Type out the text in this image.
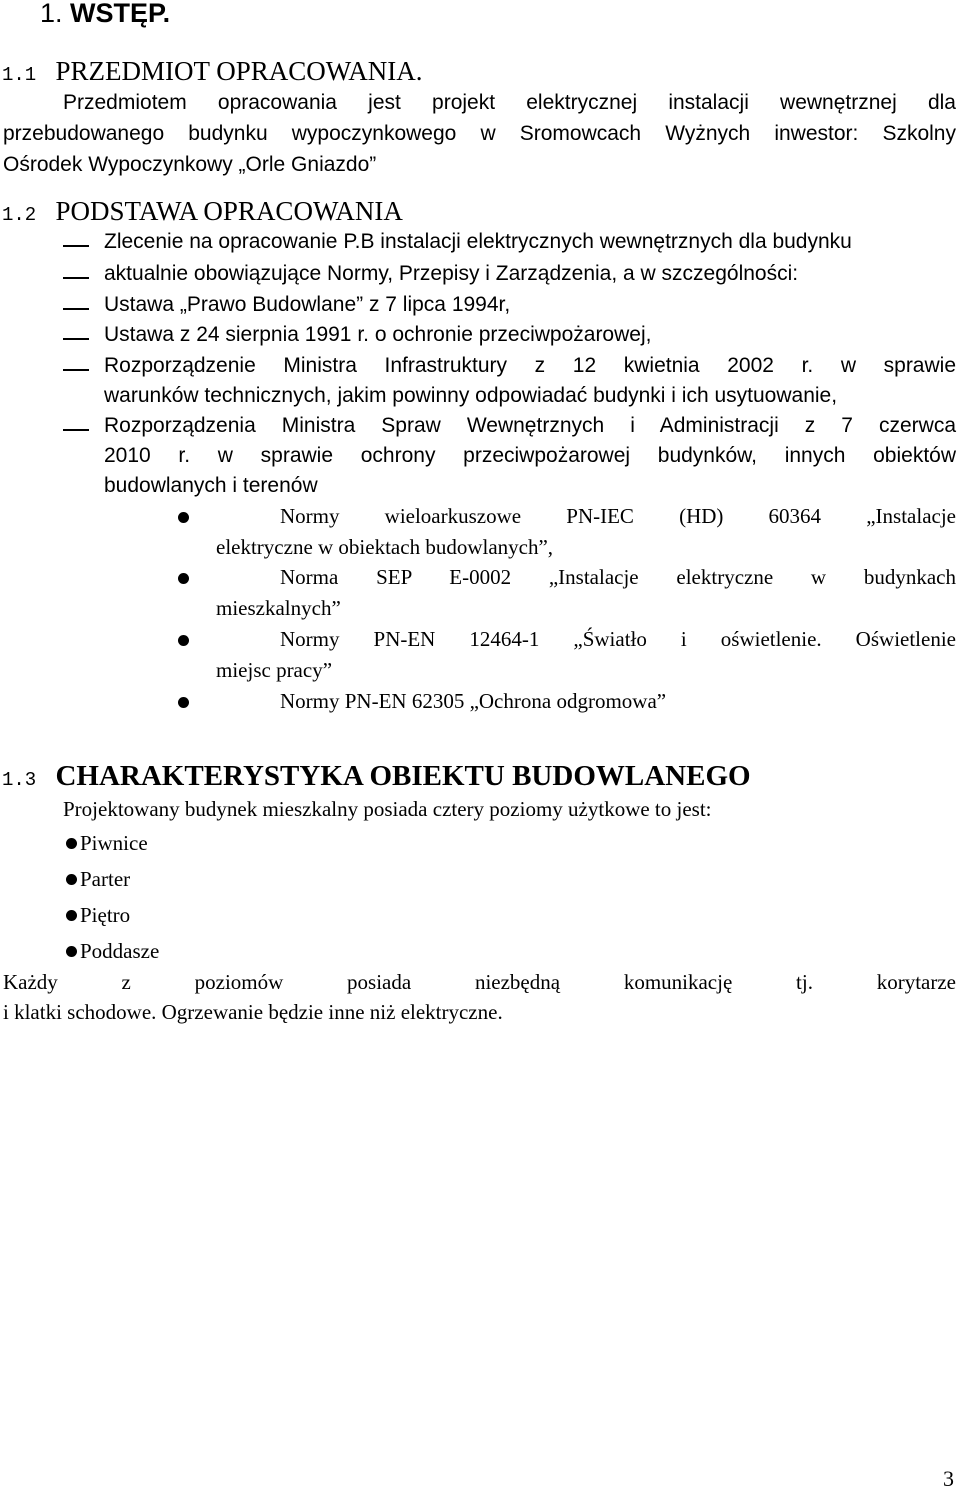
1. WSTĘP.
1.1 PRZEDMIOT OPRACOWANIA.
Przedmiotem opracowania jest projekt elektrycznej instalacji wewnętrznej dla
przebudowanego budynku wypoczynkowego w Sromowcach Wyżnych inwestor: Szkolny
Ośrodek Wypoczynkowy „Orle Gniazdo”
1.2 PODSTAWA OPRACOWANIA
Zlecenie na opracowanie P.B instalacji elektrycznych wewnętrznych dla budynku
aktualnie obowiązujące Normy, Przepisy i Zarządzenia, a w szczególności:
Ustawa „Prawo Budowlane” z 7 lipca 1994r,
Ustawa z 24 sierpnia 1991 r. o ochronie przeciwpożarowej,
Rozporządzenie Ministra Infrastruktury z 12 kwietnia 2002 r. w sprawie
warunków technicznych, jakim powinny odpowiadać budynki i ich usytuowanie,
Rozporządzenia Ministra Spraw Wewnętrznych i Administracji z 7 czerwca
2010 r. w sprawie ochrony przeciwpożarowej budynków, innych obiektów
budowlanych i terenów
Normy wieloarkuszowe PN-IEC (HD) 60364 „Instalacje
elektryczne w obiektach budowlanych”,
Norma SEP E-0002 „Instalacje elektryczne w budynkach
mieszkalnych”
Normy PN-EN 12464-1 „Światło i oświetlenie. Oświetlenie
miejsc pracy”
Normy PN-EN 62305 „Ochrona odgromowa”
1.3 CHARAKTERYSTYKA OBIEKTU BUDOWLANEGO
Projektowany budynek mieszkalny posiada cztery poziomy użytkowe to jest:
Piwnice
Parter
Piętro
Poddasze
Każdy z poziomów posiada niezbędną komunikację tj. korytarze
i klatki schodowe. Ogrzewanie będzie inne niż elektryczne.
3
